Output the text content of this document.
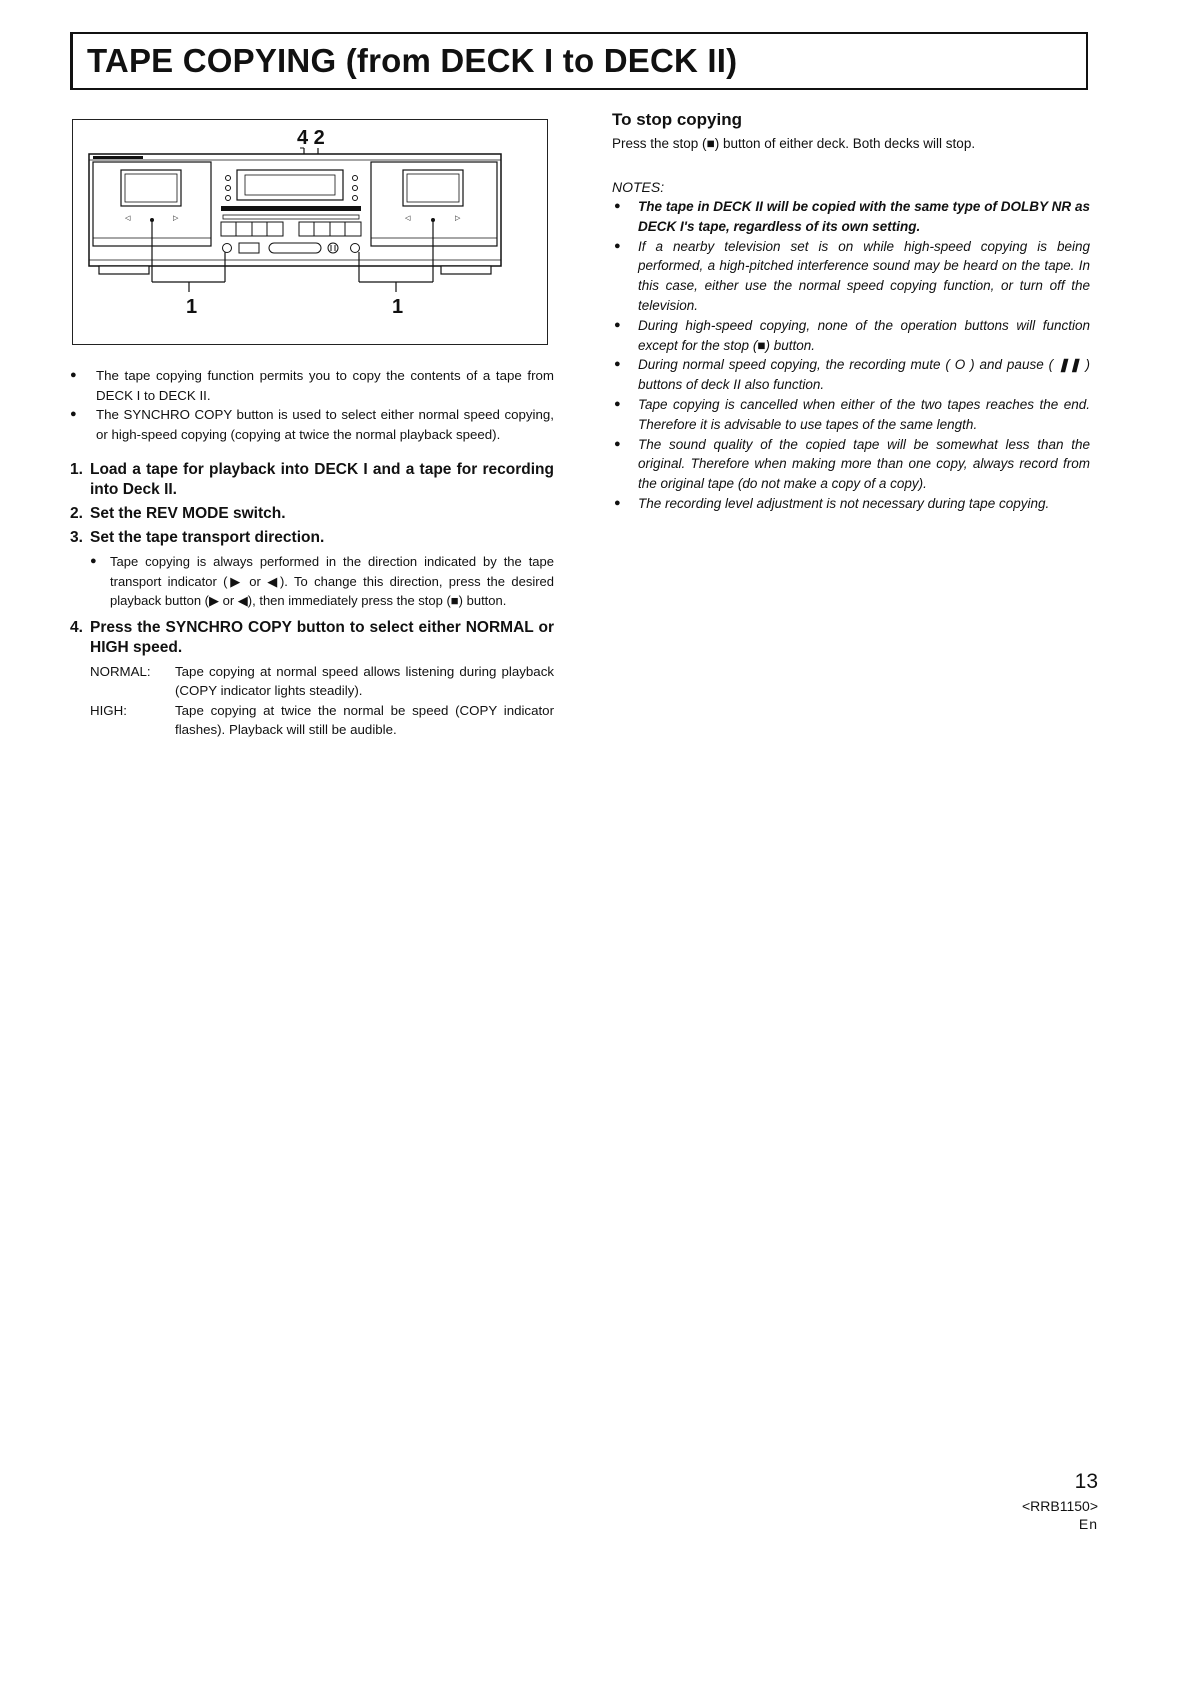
TAPE COPYING (from DECK I to DECK II)
4 2
1	1
◁	▷	◁	▷
● The tape copying function permits you to copy the contents of a tape from DECK I to DECK II.
● The SYNCHRO COPY button is used to select either normal speed copying, or high-speed copying (copying at twice the normal playback speed).
1. Load a tape for playback into DECK I and a tape for recording into Deck II.
2. Set the REV MODE switch.
3. Set the tape transport direction.
● Tape copying is always performed in the direction indicated by the tape transport indicator (▶ or ◀). To change this direction, press the desired playback button (▶ or ◀), then immediately press the stop (■) button.
4. Press the SYNCHRO COPY button to select either NORMAL or HIGH speed.
NORMAL:	Tape copying at normal speed allows listening during playback (COPY indicator lights steadily).
HIGH:	Tape copying at twice the normal be speed (COPY indicator flashes). Playback will still be audible.

To stop copying

Press the stop (■) button of either deck. Both decks will stop.

NOTES:
● The tape in DECK II will be copied with the same type of DOLBY NR as DECK I's tape, regardless of its own setting.
● If a nearby television set is on while high-speed copying is being performed, a high-pitched interference sound may be heard on the tape. In this case, either use the normal speed copying function, or turn off the television.
● During high-speed copying, none of the operation buttons will function except for the stop (■) button.
● During normal speed copying, the recording mute ( O ) and pause ( ❚❚ ) buttons of deck II also function.
● Tape copying is cancelled when either of the two tapes reaches the end. Therefore it is advisable to use tapes of the same length.
● The sound quality of the copied tape will be somewhat less than the original. Therefore when making more than one copy, always record from the original tape (do not make a copy of a copy).
● The recording level adjustment is not necessary during tape copying.
13
<RRB1150>
En
